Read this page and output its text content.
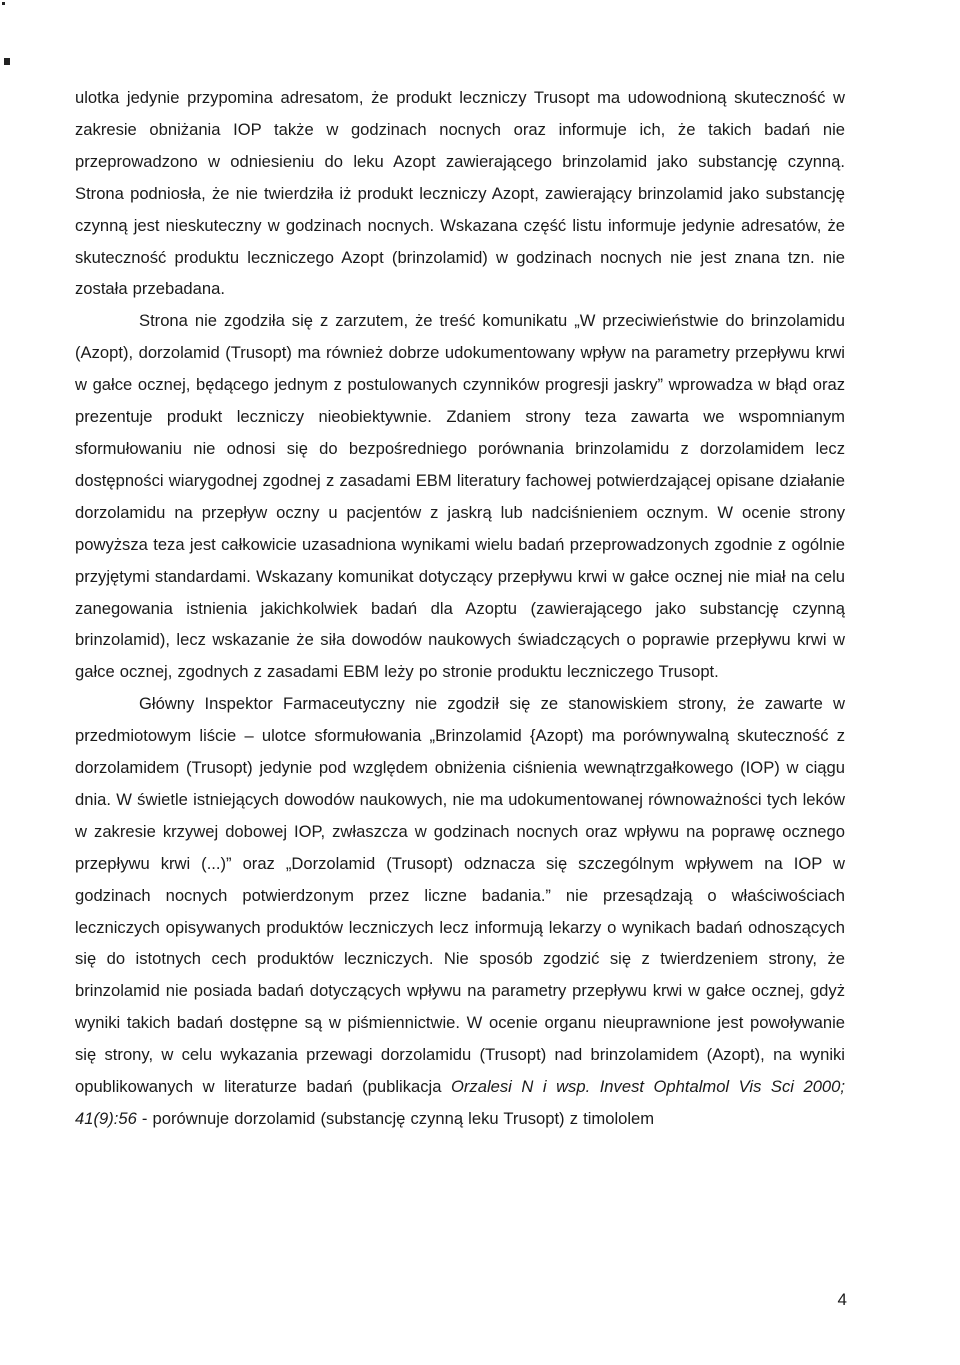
ulotka jedynie przypomina adresatom, że produkt leczniczy Trusopt ma udowodnioną skuteczność w zakresie obniżania IOP także w godzinach nocnych oraz informuje ich, że takich badań nie przeprowadzono w odniesieniu do leku Azopt zawierającego brinzolamid jako substancję czynną. Strona podniosła, że nie twierdziła iż produkt leczniczy Azopt, zawierający brinzolamid jako substancję czynną jest nieskuteczny w godzinach nocnych. Wskazana część listu informuje jedynie adresatów, że skuteczność produktu leczniczego Azopt (brinzolamid) w godzinach nocnych nie jest znana tzn. nie została przebadana.

Strona nie zgodziła się z zarzutem, że treść komunikatu „W przeciwieństwie do brinzolamidu (Azopt), dorzolamid (Trusopt) ma również dobrze udokumentowany wpływ na parametry przepływu krwi w gałce ocznej, będącego jednym z postulowanych czynników progresji jaskry” wprowadza w błąd oraz prezentuje produkt leczniczy nieobiektywnie. Zdaniem strony teza zawarta we wspomnianym sformułowaniu nie odnosi się do bezpośredniego porównania brinzolamidu z dorzolamidem lecz dostępności wiarygodnej zgodnej z zasadami EBM literatury fachowej potwierdzającej opisane działanie dorzolamidu na przepływ oczny u pacjentów z jaskrą lub nadciśnieniem ocznym. W ocenie strony powyższa teza jest całkowicie uzasadniona wynikami wielu badań przeprowadzonych zgodnie z ogólnie przyjętymi standardami. Wskazany komunikat dotyczący przepływu krwi w gałce ocznej nie miał na celu zanegowania istnienia jakichkolwiek badań dla Azoptu (zawierającego jako substancję czynną brinzolamid), lecz wskazanie że siła dowodów naukowych świadczących o poprawie przepływu krwi w gałce ocznej, zgodnych z zasadami EBM leży po stronie produktu leczniczego Trusopt.

Główny Inspektor Farmaceutyczny nie zgodził się ze stanowiskiem strony, że zawarte w przedmiotowym liście – ulotce sformułowania „Brinzolamid {Azopt) ma porównywalną skuteczność z dorzolamidem (Trusopt) jedynie pod względem obniżenia ciśnienia wewnątrzgałkowego (IOP) w ciągu dnia. W świetle istniejących dowodów naukowych, nie ma udokumentowanej równoważności tych leków w zakresie krzywej dobowej IOP, zwłaszcza w godzinach nocnych oraz wpływu na poprawę ocznego przepływu krwi (...)” oraz „Dorzolamid (Trusopt) odznacza się szczególnym wpływem na IOP w godzinach nocnych potwierdzonym przez liczne badania.” nie przesądzają o właściwościach leczniczych opisywanych produktów leczniczych lecz informują lekarzy o wynikach badań odnoszących się do istotnych cech produktów leczniczych. Nie sposób zgodzić się z twierdzeniem strony, że brinzolamid nie posiada badań dotyczących wpływu na parametry przepływu krwi w gałce ocznej, gdyż wyniki takich badań dostępne są w piśmiennictwie. W ocenie organu nieuprawnione jest powoływanie się strony, w celu wykazania przewagi dorzolamidu (Trusopt) nad brinzolamidem (Azopt), na wyniki opublikowanych w literaturze badań (publikacja Orzalesi N i wsp. Invest Ophtalmol Vis Sci 2000; 41(9):56 - porównuje dorzolamid (substancję czynną leku Trusopt) z timololem

4
